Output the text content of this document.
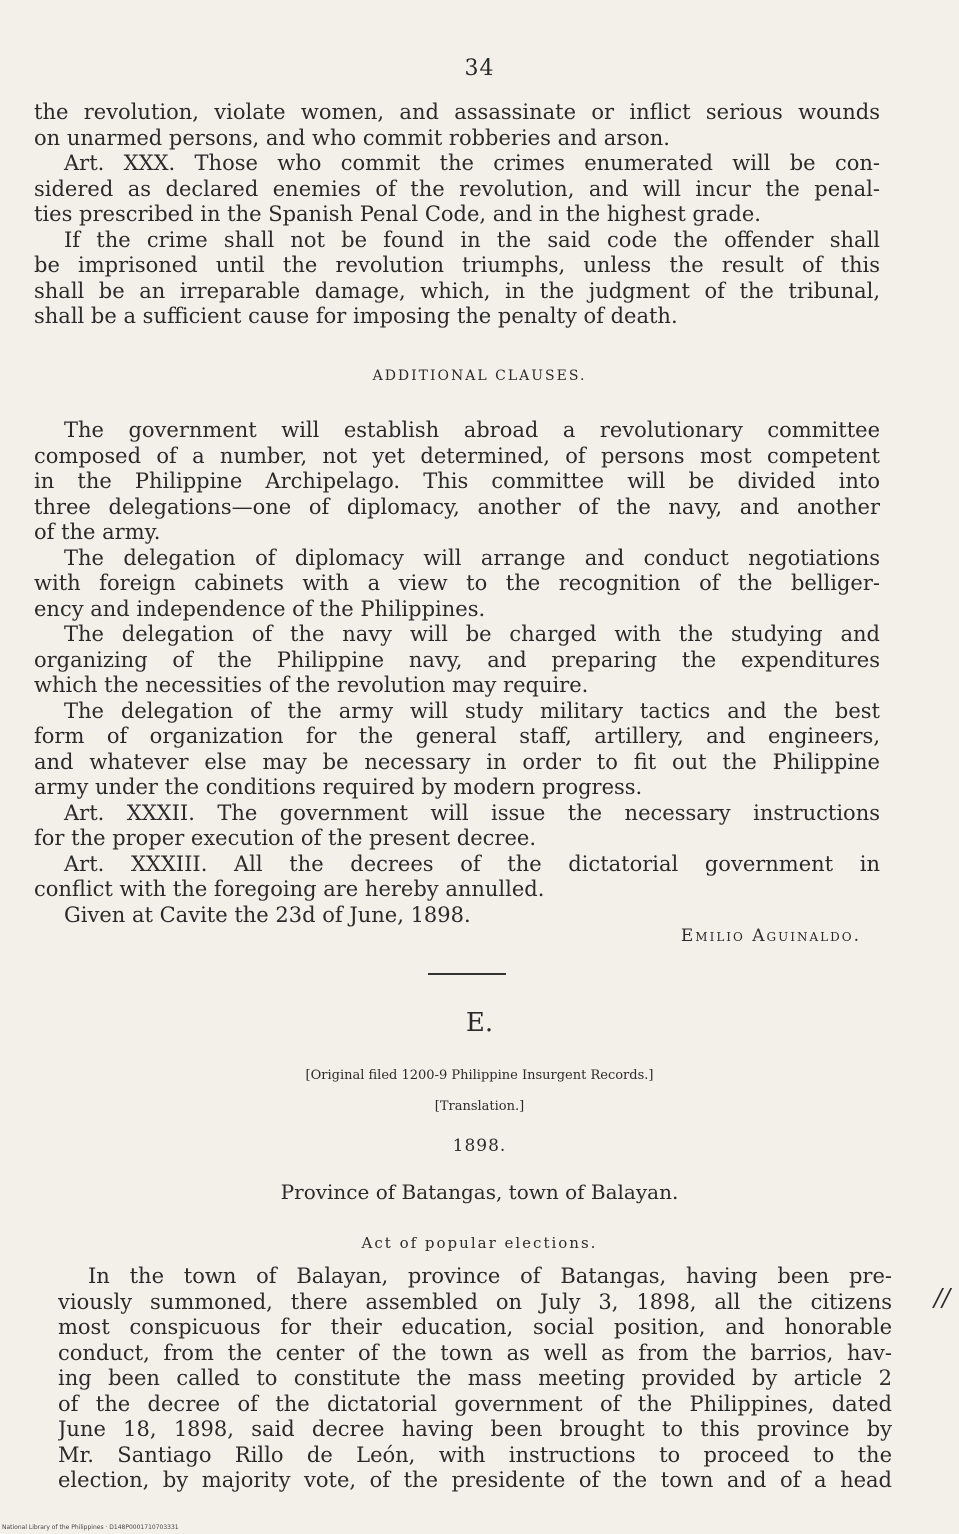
34
the revolution, violate women, and assassinate or inflict serious wounds
on unarmed persons, and who commit robberies and arson.
Art. XXX. Those who commit the crimes enumerated will be con-
sidered as declared enemies of the revolution, and will incur the penal-
ties prescribed in the Spanish Penal Code, and in the highest grade.
If the crime shall not be found in the said code the offender shall
be imprisoned until the revolution triumphs, unless the result of this
shall be an irreparable damage, which, in the judgment of the tribunal,
shall be a sufficient cause for imposing the penalty of death.
ADDITIONAL CLAUSES.
The government will establish abroad a revolutionary committee
composed of a number, not yet determined, of persons most competent
in the Philippine Archipelago. This committee will be divided into
three delegations—one of diplomacy, another of the navy, and another
of the army.
The delegation of diplomacy will arrange and conduct negotiations
with foreign cabinets with a view to the recognition of the belliger-
ency and independence of the Philippines.
The delegation of the navy will be charged with the studying and
organizing of the Philippine navy, and preparing the expenditures
which the necessities of the revolution may require.
The delegation of the army will study military tactics and the best
form of organization for the general staff, artillery, and engineers,
and whatever else may be necessary in order to fit out the Philippine
army under the conditions required by modern progress.
Art. XXXII. The government will issue the necessary instructions
for the proper execution of the present decree.
Art. XXXIII. All the decrees of the dictatorial government in
conflict with the foregoing are hereby annulled.
Given at Cavite the 23d of June, 1898.
Emilio Aguinaldo.
E.
[Original filed 1200-9 Philippine Insurgent Records.]
[Translation.]
1898.
Province of Batangas, town of Balayan.
Act of popular elections.
In the town of Balayan, province of Batangas, having been pre-
viously summoned, there assembled on July 3, 1898, all the citizens
most conspicuous for their education, social position, and honorable
conduct, from the center of the town as well as from the barrios, hav-
ing been called to constitute the mass meeting provided by article 2
of the decree of the dictatorial government of the Philippines, dated
June 18, 1898, said decree having been brought to this province by
Mr. Santiago Rillo de León, with instructions to proceed to the
election, by majority vote, of the presidente of the town and of a head
//
National Library of the Philippines · D148P0001710703331
